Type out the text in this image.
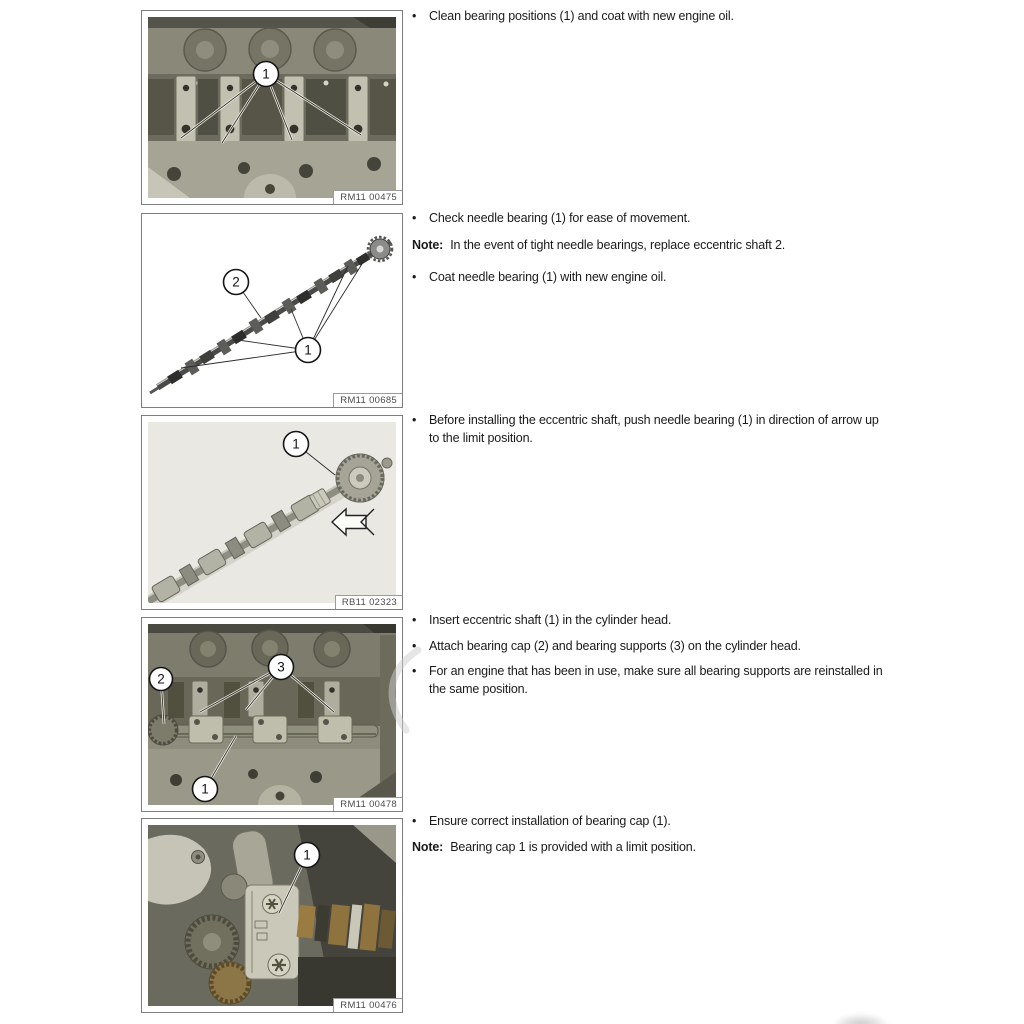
1
RM11 00475
2
1
RM11 00685
1
RB11 02323
2
3
1
RM11 00478
1
RM11 00476
•	Clean bearing positions (1) and coat with new engine oil.
•	Check needle bearing (1) for ease of movement.
Note: In the event of tight needle bearings, replace eccentric shaft 2.
•	Coat needle bearing (1) with new engine oil.
•	Before installing the eccentric shaft, push needle bearing (1) in direction of arrow up to the limit position.
•	Insert eccentric shaft (1) in the cylinder head.
•	Attach bearing cap (2) and bearing supports (3) on the cylinder head.
•	For an engine that has been in use, make sure all bearing supports are reinstalled in the same position.
•	Ensure correct installation of bearing cap (1).
Note: Bearing cap 1 is provided with a limit position.
